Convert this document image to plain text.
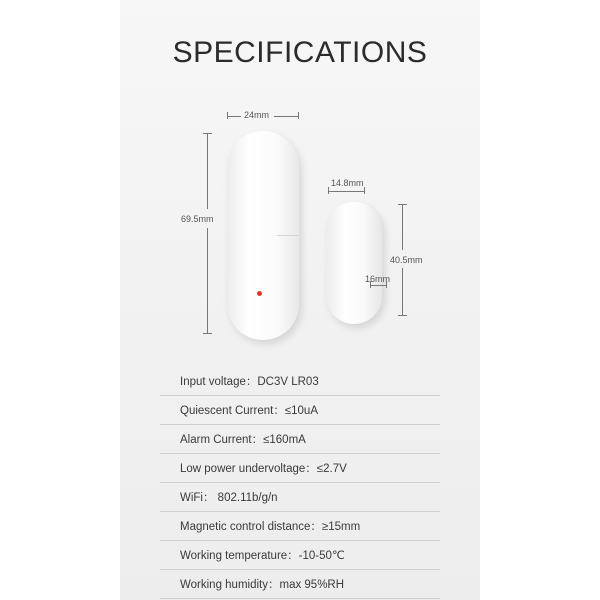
SPECIFICATIONS
24mm
69.5mm
14.8mm
40.5mm
16mm
Input voltage：DC3V LR03
Quiescent Current：≤10uA
Alarm Current：≤160mA
Low power undervoltage：≤2.7V
WiFi： 802.11b/g/n
Magnetic control distance：≥15mm
Working temperature：-10-50℃
Working humidity：max 95%RH
